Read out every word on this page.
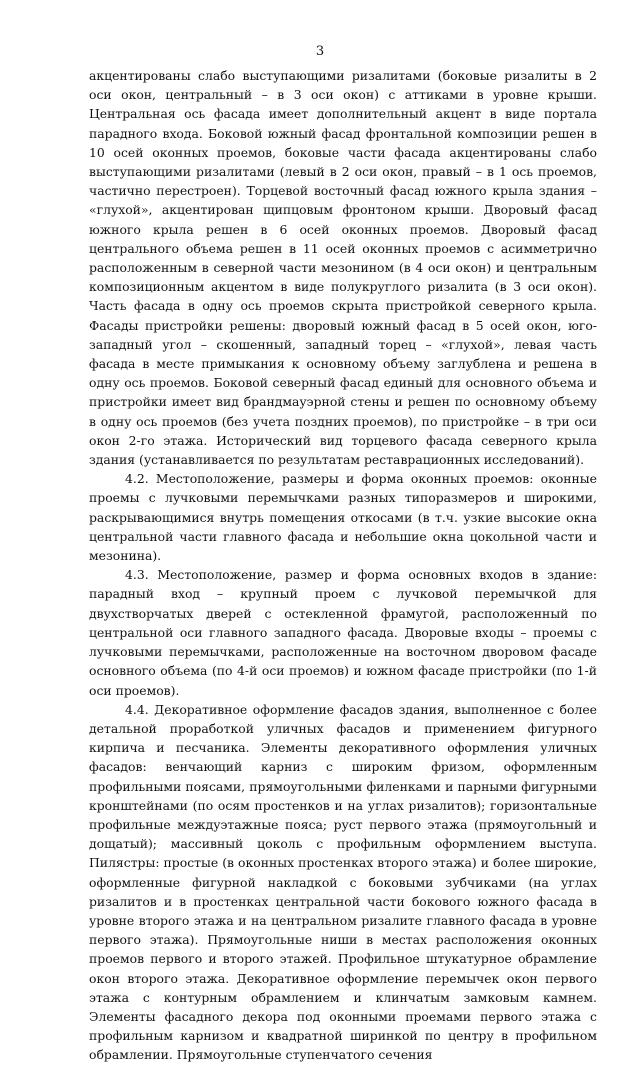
3

акцентированы слабо выступающими ризалитами (боковые ризалиты в 2 оси окон, центральный – в 3 оси окон) с аттиками в уровне крыши. Центральная ось фасада имеет дополнительный акцент в виде портала парадного входа. Боковой южный фасад фронтальной композиции решен в 10 осей оконных проемов, боковые части фасада акцентированы слабо выступающими ризалитами (левый в 2 оси окон, правый – в 1 ось проемов, частично перестроен). Торцевой восточный фасад южного крыла здания – «глухой», акцентирован щипцовым фронтоном крыши. Дворовый фасад южного крыла решен в 6 осей оконных проемов. Дворовый фасад центрального объема решен в 11 осей оконных проемов с асимметрично расположенным в северной части мезонином (в 4 оси окон) и центральным композиционным акцентом в виде полукруглого ризалита (в 3 оси окон). Часть фасада в одну ось проемов скрыта пристройкой северного крыла. Фасады пристройки решены: дворовый южный фасад в 5 осей окон, юго-западный угол – скошенный, западный торец – «глухой», левая часть фасада в месте примыкания к основному объему заглублена и решена в одну ось проемов. Боковой северный фасад единый для основного объема и пристройки имеет вид брандмауэрной стены и решен по основному объему в одну ось проемов (без учета поздних проемов), по пристройке – в три оси окон 2-го этажа. Исторический вид торцевого фасада северного крыла здания (устанавливается по результатам реставрационных исследований).

4.2. Местоположение, размеры и форма оконных проемов: оконные проемы с лучковыми перемычками разных типоразмеров и широкими, раскрывающимися внутрь помещения откосами (в т.ч. узкие высокие окна центральной части главного фасада и небольшие окна цокольной части и мезонина).

4.3. Местоположение, размер и форма основных входов в здание: парадный вход – крупный проем с лучковой перемычкой для двухстворчатых дверей с остекленной фрамугой, расположенный по центральной оси главного западного фасада. Дворовые входы – проемы с лучковыми перемычками, расположенные на восточном дворовом фасаде основного объема (по 4-й оси проемов) и южном фасаде пристройки (по 1-й оси проемов).

4.4. Декоративное оформление фасадов здания, выполненное с более детальной проработкой уличных фасадов и применением фигурного кирпича и песчаника. Элементы декоративного оформления уличных фасадов: венчающий карниз с широким фризом, оформленным профильными поясами, прямоугольными филенками и парными фигурными кронштейнами (по осям простенков и на углах ризалитов); горизонтальные профильные междуэтажные пояса; руст первого этажа (прямоугольный и дощатый); массивный цоколь с профильным оформлением выступа. Пилястры: простые (в оконных простенках второго этажа) и более широкие, оформленные фигурной накладкой с боковыми зубчиками (на углах ризалитов и в простенках центральной части бокового южного фасада в уровне второго этажа и на центральном ризалите главного фасада в уровне первого этажа). Прямоугольные ниши в местах расположения оконных проемов первого и второго этажей. Профильное штукатурное обрамление окон второго этажа. Декоративное оформление перемычек окон первого этажа с контурным обрамлением и клинчатым замковым камнем. Элементы фасадного декора под оконными проемами первого этажа с профильным карнизом и квадратной ширинкой по центру в профильном обрамлении. Прямоугольные ступенчатого сечения
